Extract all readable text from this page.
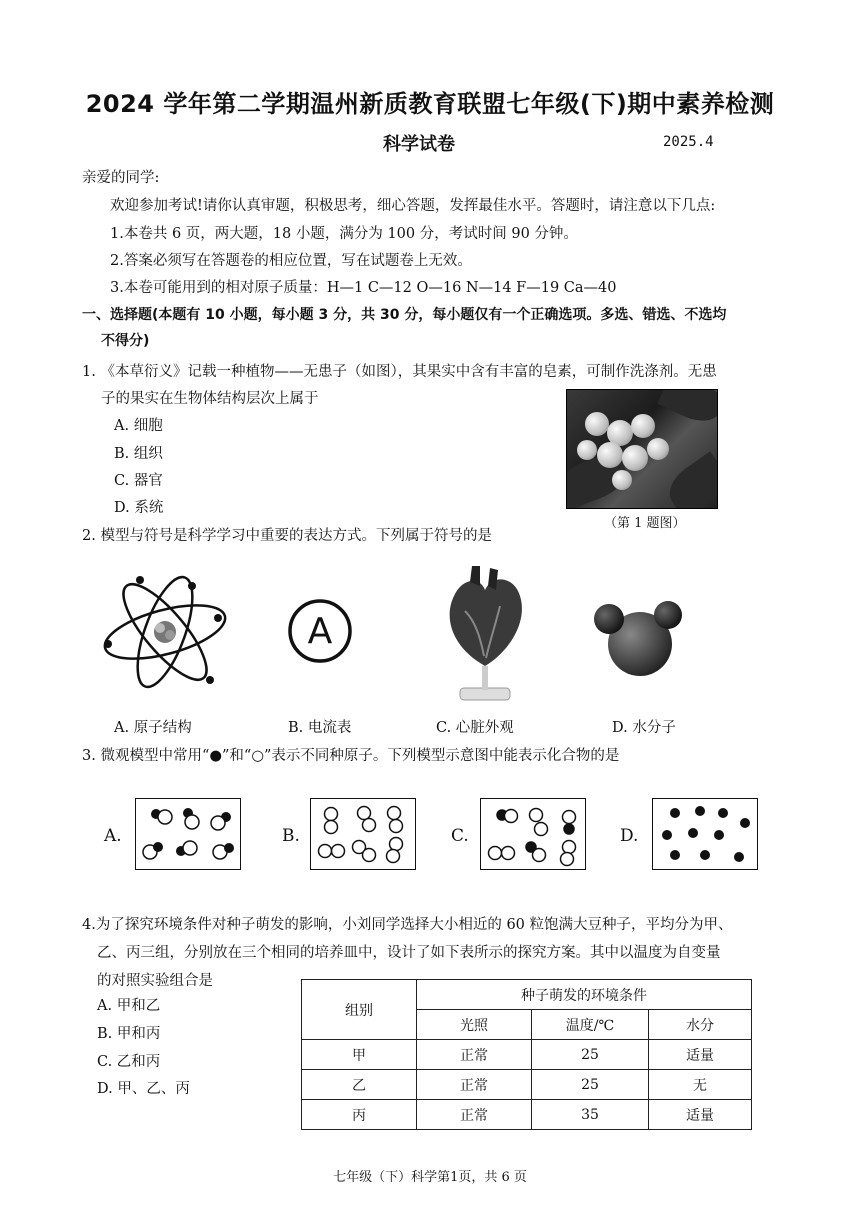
2024 学年第二学期温州新质教育联盟七年级(下)期中素养检测
科学试卷	2025.4
亲爱的同学:
欢迎参加考试!请你认真审题，积极思考，细心答题，发挥最佳水平。答题时，请注意以下几点:
1.本卷共 6 页，两大题，18 小题，满分为 100 分，考试时间 90 分钟。
2.答案必须写在答题卷的相应位置，写在试题卷上无效。
3.本卷可能用到的相对原子质量：H—1 C—12 O—16 N—14 F—19 Ca—40
一、选择题(本题有 10 小题，每小题 3 分，共 30 分，每小题仅有一个正确选项。多选、错选、不选均
不得分)
1. 《本草衍义》记载一种植物——无患子（如图），其果实中含有丰富的皂素，可制作洗涤剂。无患
子的果实在生物体结构层次上属于
A. 细胞
B. 组织
C. 器官
D. 系统
（第 1 题图）
2. 模型与符号是科学学习中重要的表达方式。下列属于符号的是
A
A. 原子结构	B. 电流表	C. 心脏外观	D. 水分子
3. 微观模型中常用“●”和“○”表示不同种原子。下列模型示意图中能表示化合物的是
A.	B.	C.	D.
4.为了探究环境条件对种子萌发的影响，小刘同学选择大小相近的 60 粒饱满大豆种子，平均分为甲、
乙、丙三组，分别放在三个相同的培养皿中，设计了如下表所示的探究方案。其中以温度为自变量
的对照实验组合是
A. 甲和乙
B. 甲和丙
C. 乙和丙
D. 甲、乙、丙
组别	种子萌发的环境条件		
	光照	温度/℃	水分
甲	正常	25	适量
乙	正常	25	无
丙	正常	35	适量
七年级（下）科学第1页，共 6 页
